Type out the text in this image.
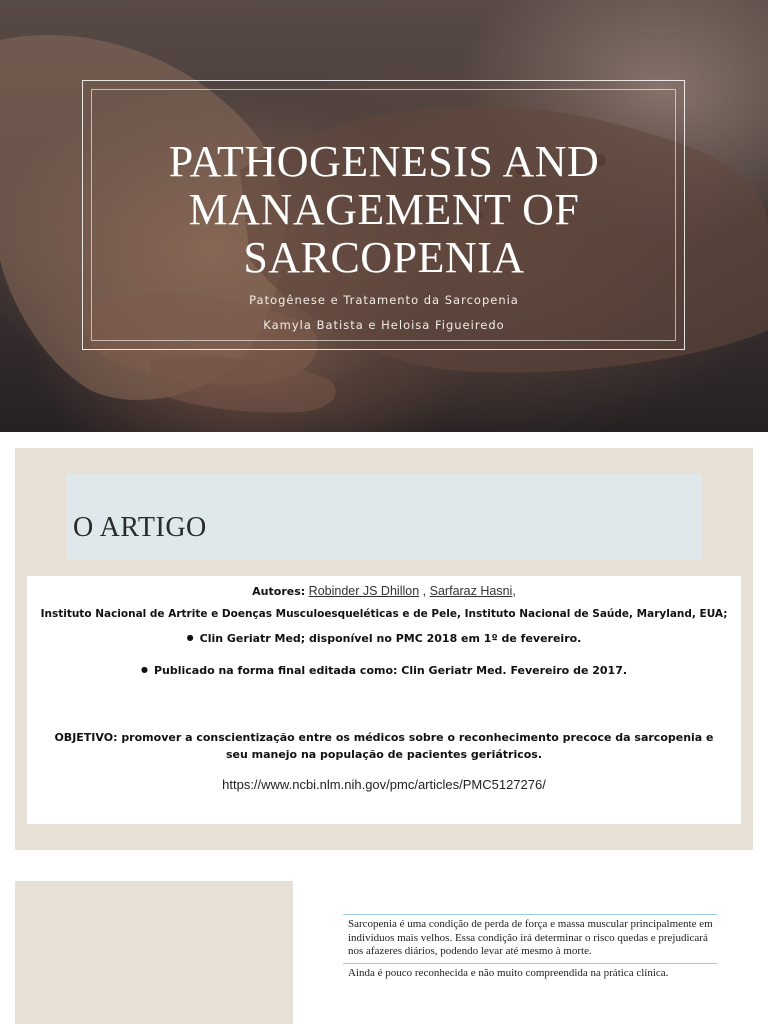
PATHOGENESIS AND MANAGEMENT OF SARCOPENIA
Patogênese e Tratamento da Sarcopenia
Kamyla Batista e Heloisa Figueiredo
O ARTIGO
Autores: Robinder JS Dhillon , Sarfaraz Hasni,
Instituto Nacional de Artrite e Doenças Musculoesqueléticas e de Pele, Instituto Nacional de Saúde, Maryland, EUA;
● Clin Geriatr Med; disponível no PMC 2018 em 1º de fevereiro.
● Publicado na forma final editada como: Clin Geriatr Med. Fevereiro de 2017.
OBJETIVO: promover a conscientização entre os médicos sobre o reconhecimento precoce da sarcopenia e seu manejo na população de pacientes geriátricos.
https://www.ncbi.nlm.nih.gov/pmc/articles/PMC5127276/
Sarcopenia é uma condição de perda de força e massa muscular principalmente em indivíduos mais velhos. Essa condição irá determinar o risco quedas e prejudicará nos afazeres diários, podendo levar até mesmo à morte.
Ainda é pouco reconhecida e não muito compreendida na prática clínica.
